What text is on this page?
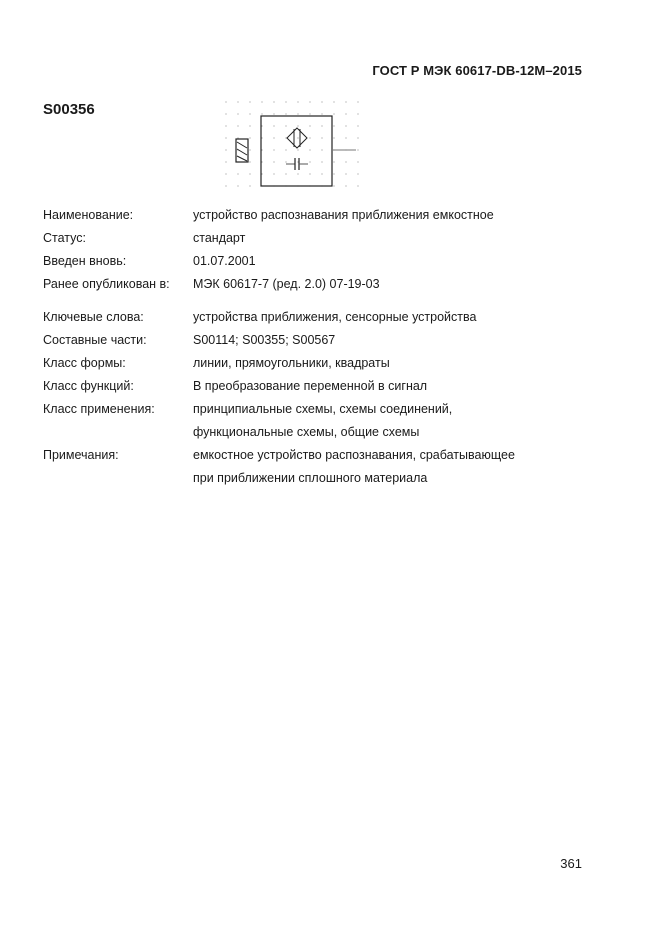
ГОСТ Р МЭК 60617-DB-12M–2015
S00356
Наименование:	устройство распознавания приближения емкостное
Статус:	стандарт
Введен вновь:	01.07.2001
Ранее опубликован в:	МЭК 60617-7 (ред. 2.0) 07-19-03
Ключевые слова:	устройства приближения, сенсорные устройства
Составные части:	S00114; S00355; S00567
Класс формы:	линии, прямоугольники, квадраты
Класс функций:	В преобразование переменной в сигнал
Класс применения:	принципиальные схемы, схемы соединений,
функциональные схемы, общие схемы
Примечания:	емкостное устройство распознавания, срабатывающее
при приближении сплошного материала
361
